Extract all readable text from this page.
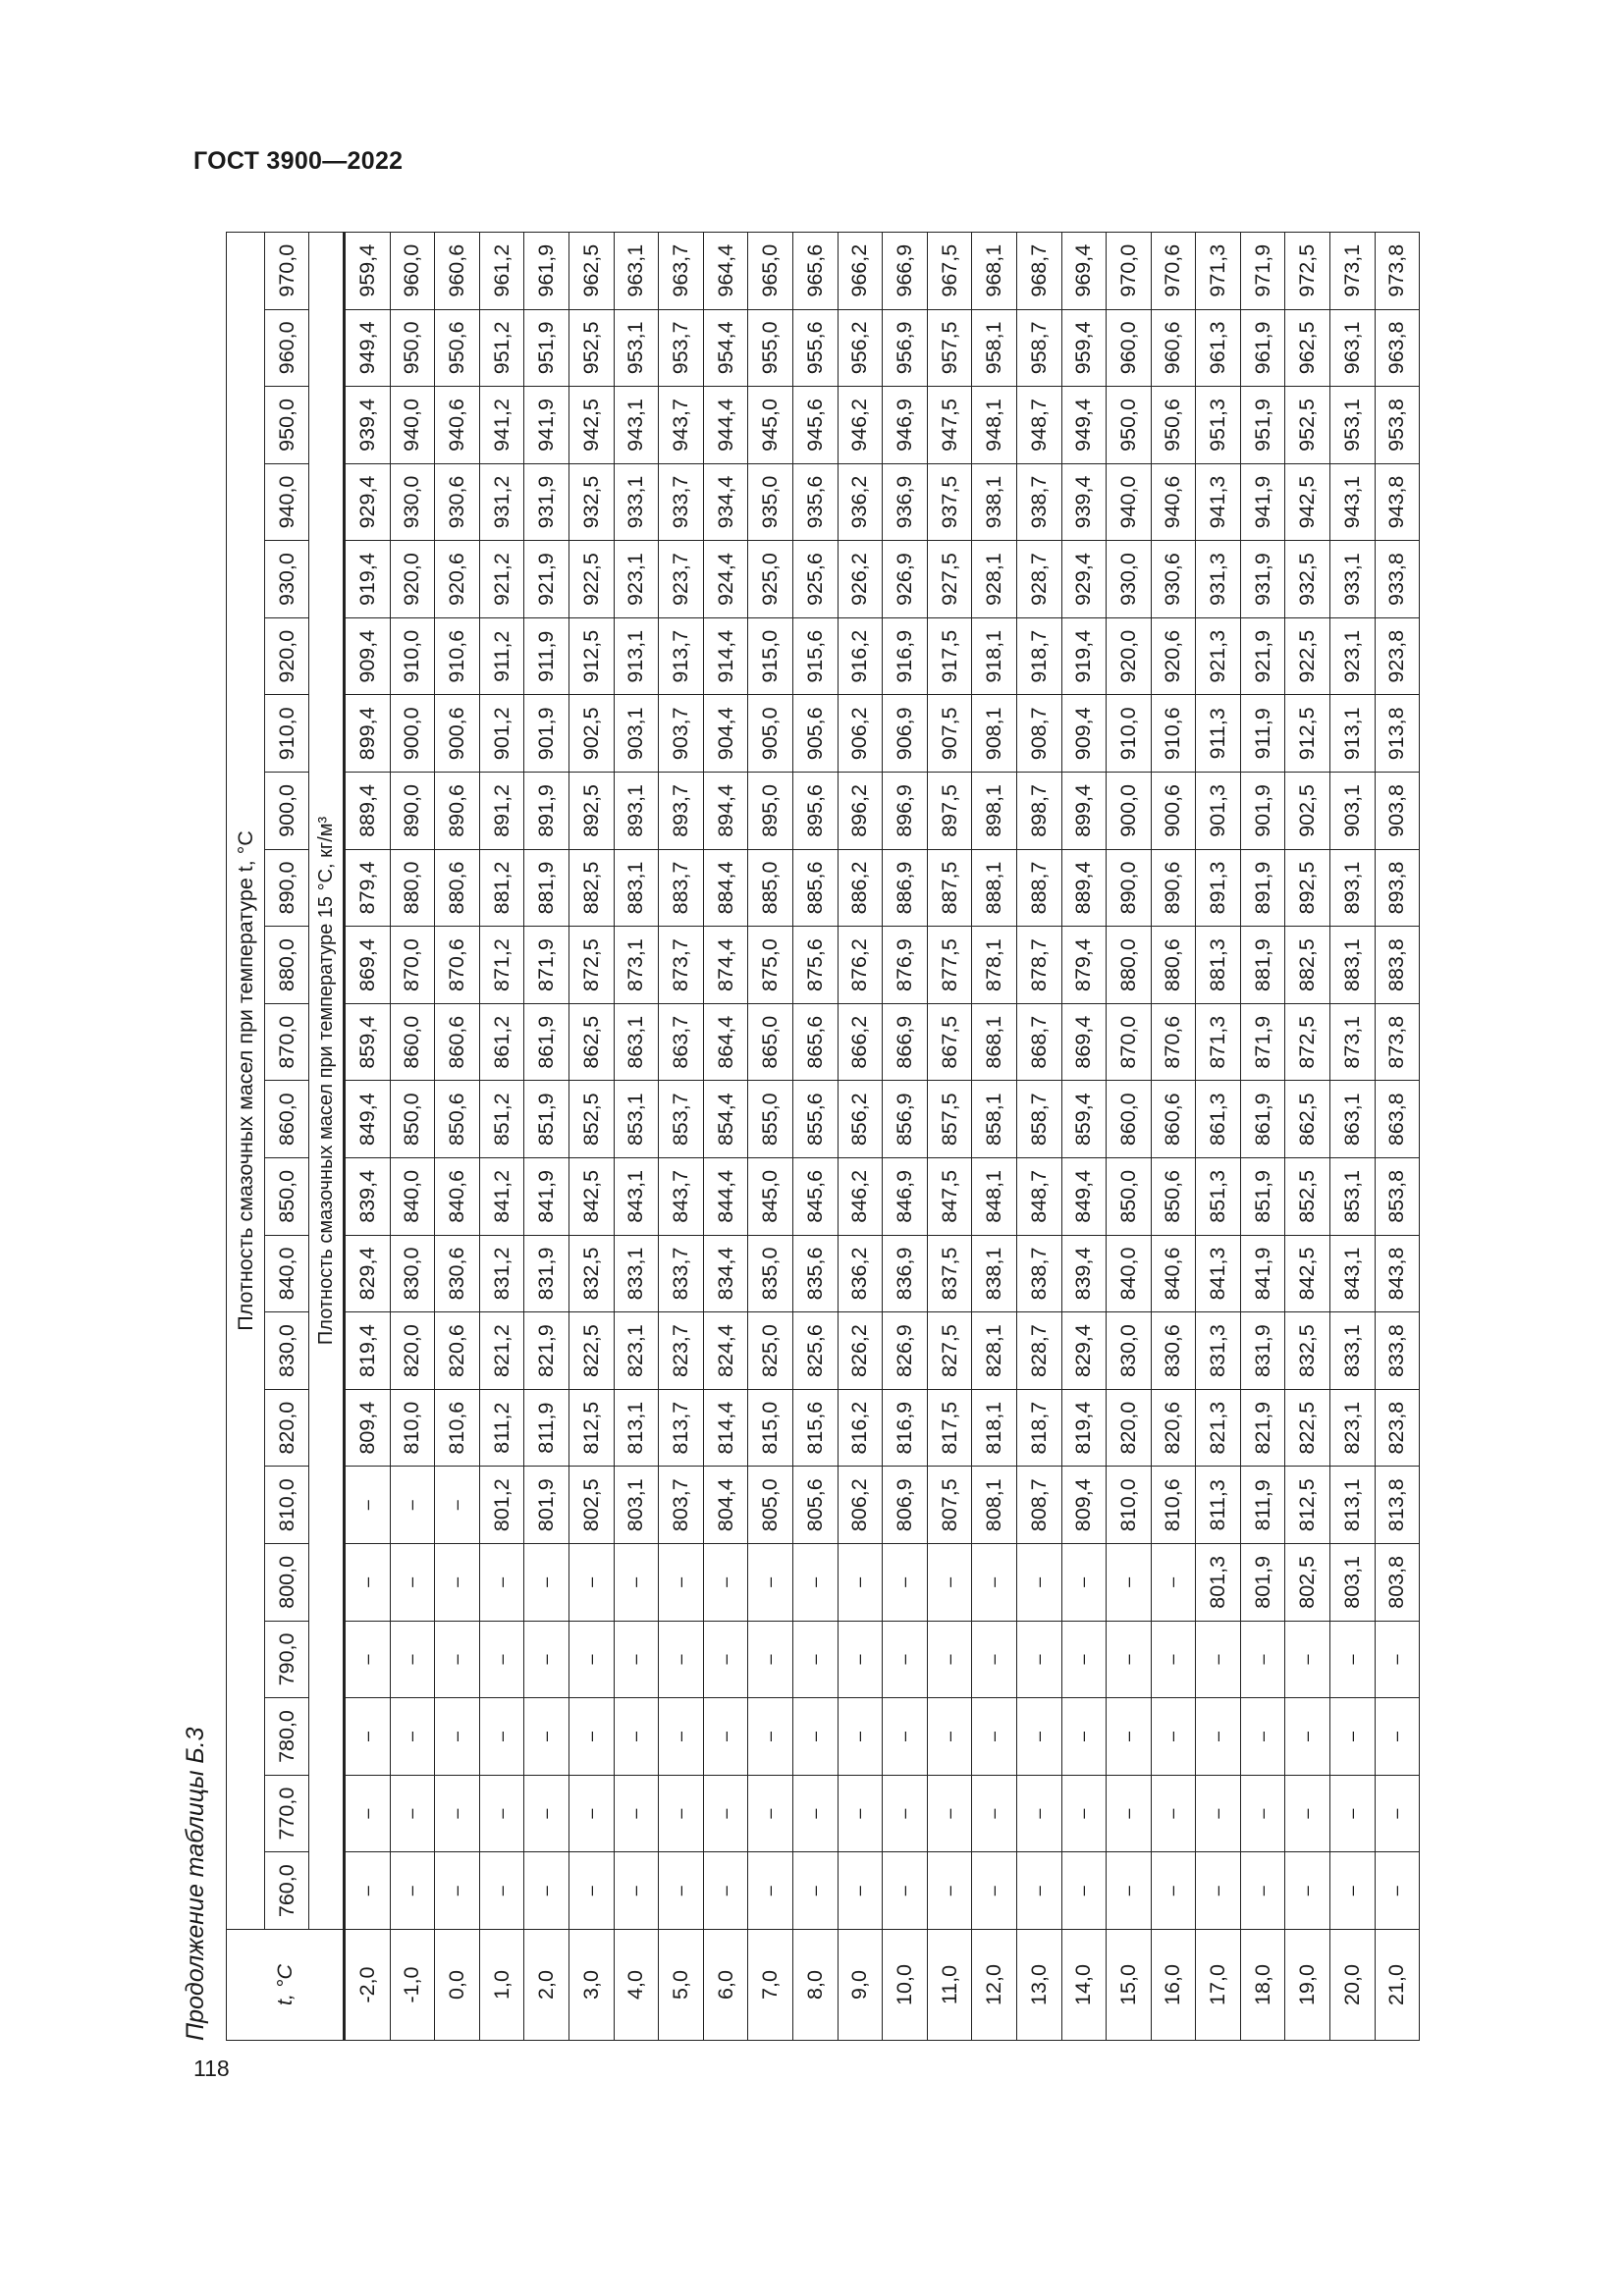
ГОСТ 3900—2022
118
Продолжение таблицы Б.3	t, °C	Плотность смазочных масел при температуре t, °C																					
	760,0	770,0	780,0	790,0	800,0	810,0	820,0	830,0	840,0	850,0	860,0	870,0	880,0	890,0	900,0	910,0	920,0	930,0	940,0	950,0	960,0	970,0
	Плотность смазочных масел при температуре 15 °C, кг/м³																					
-2,0	–	–	–	–	–	–	809,4	819,4	829,4	839,4	849,4	859,4	869,4	879,4	889,4	899,4	909,4	919,4	929,4	939,4	949,4	959,4
-1,0	–	–	–	–	–	–	810,0	820,0	830,0	840,0	850,0	860,0	870,0	880,0	890,0	900,0	910,0	920,0	930,0	940,0	950,0	960,0
0,0	–	–	–	–	–	–	810,6	820,6	830,6	840,6	850,6	860,6	870,6	880,6	890,6	900,6	910,6	920,6	930,6	940,6	950,6	960,6
1,0	–	–	–	–	–	801,2	811,2	821,2	831,2	841,2	851,2	861,2	871,2	881,2	891,2	901,2	911,2	921,2	931,2	941,2	951,2	961,2
2,0	–	–	–	–	–	801,9	811,9	821,9	831,9	841,9	851,9	861,9	871,9	881,9	891,9	901,9	911,9	921,9	931,9	941,9	951,9	961,9
3,0	–	–	–	–	–	802,5	812,5	822,5	832,5	842,5	852,5	862,5	872,5	882,5	892,5	902,5	912,5	922,5	932,5	942,5	952,5	962,5
4,0	–	–	–	–	–	803,1	813,1	823,1	833,1	843,1	853,1	863,1	873,1	883,1	893,1	903,1	913,1	923,1	933,1	943,1	953,1	963,1
5,0	–	–	–	–	–	803,7	813,7	823,7	833,7	843,7	853,7	863,7	873,7	883,7	893,7	903,7	913,7	923,7	933,7	943,7	953,7	963,7
6,0	–	–	–	–	–	804,4	814,4	824,4	834,4	844,4	854,4	864,4	874,4	884,4	894,4	904,4	914,4	924,4	934,4	944,4	954,4	964,4
7,0	–	–	–	–	–	805,0	815,0	825,0	835,0	845,0	855,0	865,0	875,0	885,0	895,0	905,0	915,0	925,0	935,0	945,0	955,0	965,0
8,0	–	–	–	–	–	805,6	815,6	825,6	835,6	845,6	855,6	865,6	875,6	885,6	895,6	905,6	915,6	925,6	935,6	945,6	955,6	965,6
9,0	–	–	–	–	–	806,2	816,2	826,2	836,2	846,2	856,2	866,2	876,2	886,2	896,2	906,2	916,2	926,2	936,2	946,2	956,2	966,2
10,0	–	–	–	–	–	806,9	816,9	826,9	836,9	846,9	856,9	866,9	876,9	886,9	896,9	906,9	916,9	926,9	936,9	946,9	956,9	966,9
11,0	–	–	–	–	–	807,5	817,5	827,5	837,5	847,5	857,5	867,5	877,5	887,5	897,5	907,5	917,5	927,5	937,5	947,5	957,5	967,5
12,0	–	–	–	–	–	808,1	818,1	828,1	838,1	848,1	858,1	868,1	878,1	888,1	898,1	908,1	918,1	928,1	938,1	948,1	958,1	968,1
13,0	–	–	–	–	–	808,7	818,7	828,7	838,7	848,7	858,7	868,7	878,7	888,7	898,7	908,7	918,7	928,7	938,7	948,7	958,7	968,7
14,0	–	–	–	–	–	809,4	819,4	829,4	839,4	849,4	859,4	869,4	879,4	889,4	899,4	909,4	919,4	929,4	939,4	949,4	959,4	969,4
15,0	–	–	–	–	–	810,0	820,0	830,0	840,0	850,0	860,0	870,0	880,0	890,0	900,0	910,0	920,0	930,0	940,0	950,0	960,0	970,0
16,0	–	–	–	–	–	810,6	820,6	830,6	840,6	850,6	860,6	870,6	880,6	890,6	900,6	910,6	920,6	930,6	940,6	950,6	960,6	970,6
17,0	–	–	–	–	801,3	811,3	821,3	831,3	841,3	851,3	861,3	871,3	881,3	891,3	901,3	911,3	921,3	931,3	941,3	951,3	961,3	971,3
18,0	–	–	–	–	801,9	811,9	821,9	831,9	841,9	851,9	861,9	871,9	881,9	891,9	901,9	911,9	921,9	931,9	941,9	951,9	961,9	971,9
19,0	–	–	–	–	802,5	812,5	822,5	832,5	842,5	852,5	862,5	872,5	882,5	892,5	902,5	912,5	922,5	932,5	942,5	952,5	962,5	972,5
20,0	–	–	–	–	803,1	813,1	823,1	833,1	843,1	853,1	863,1	873,1	883,1	893,1	903,1	913,1	923,1	933,1	943,1	953,1	963,1	973,1
21,0	–	–	–	–	803,8	813,8	823,8	833,8	843,8	853,8	863,8	873,8	883,8	893,8	903,8	913,8	923,8	933,8	943,8	953,8	963,8	973,8
